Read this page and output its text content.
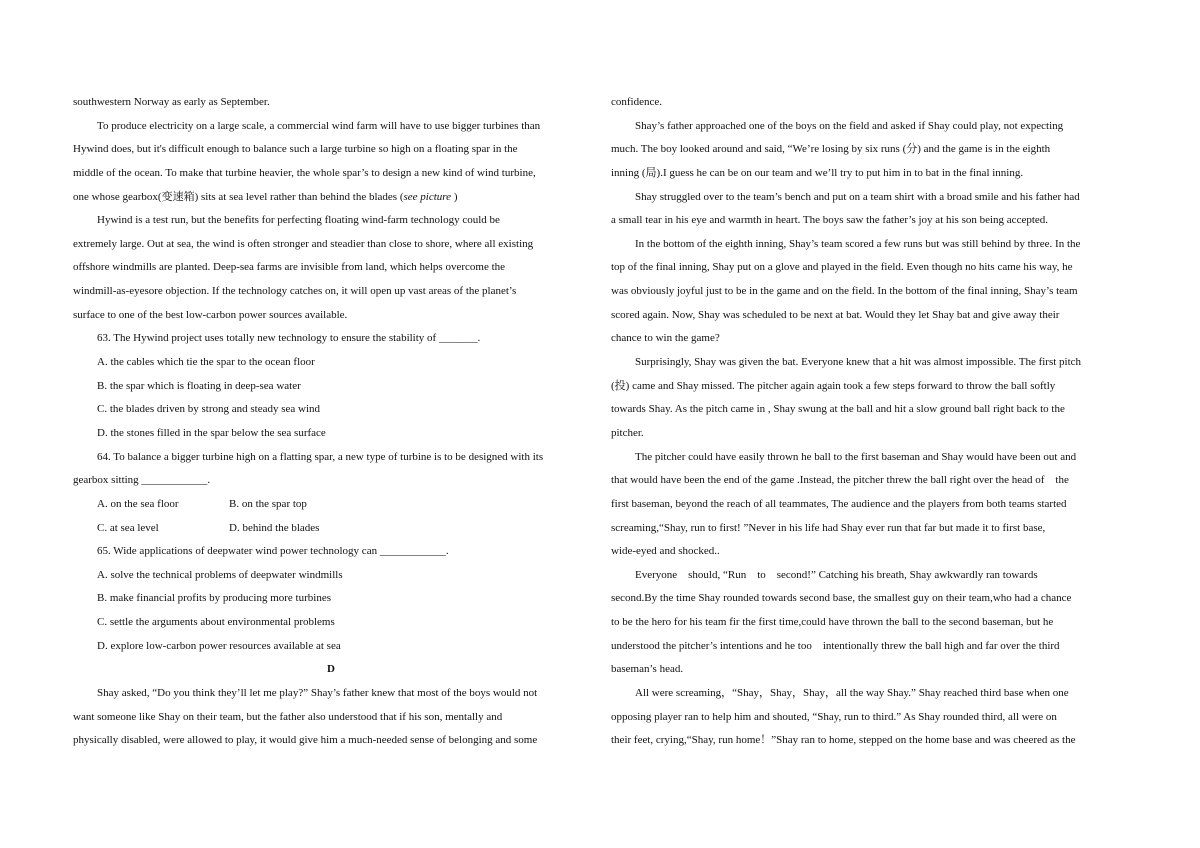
southwestern Norway as early as September.
To produce electricity on a large scale, a commercial wind farm will have to use bigger turbines than
Hywind does, but it's difficult enough to balance such a large turbine so high on a floating spar in the
middle of the ocean. To make that turbine heavier, the whole spar’s to design a new kind of wind turbine,
one whose gearbox(变速箱) sits at sea level rather than behind the blades (see picture )
Hywind is a test run, but the benefits for perfecting floating wind-farm technology could be
extremely large. Out at sea, the wind is often stronger and steadier than close to shore, where all existing
offshore windmills are planted. Deep-sea farms are invisible from land, which helps overcome the
windmill-as-eyesore objection. If the technology catches on, it will open up vast areas of the planet’s
surface to one of the best low-carbon power sources available.
63. The Hywind project uses totally new technology to ensure the stability of _______.
A. the cables which tie the spar to the ocean floor
B. the spar which is floating in deep-sea water
C. the blades driven by strong and steady sea wind
D. the stones filled in the spar below the sea surface
64. To balance a bigger turbine high on a flatting spar, a new type of turbine is to be designed with its
gearbox sitting ____________.
A. on the sea floor	B. on the spar top
C. at sea level	D. behind the blades
65. Wide applications of deepwater wind power technology can ____________.
A. solve the technical problems of deepwater windmills
B. make financial profits by producing more turbines
C. settle the arguments about environmental problems
D. explore low-carbon power resources available at sea
D
Shay asked, “Do you think they’ll let me play?” Shay’s father knew that most of the boys would not
want someone like Shay on their team, but the father also understood that if his son, mentally and
physically disabled, were allowed to play, it would give him a much-needed sense of belonging and some
confidence.
Shay’s father approached one of the boys on the field and asked if Shay could play, not expecting
much. The boy looked around and said, “We’re losing by six runs (分) and the game is in the eighth
inning (局).I guess he can be on our team and we’ll try to put him in to bat in the final inning.
Shay struggled over to the team’s bench and put on a team shirt with a broad smile and his father had
a small tear in his eye and warmth in heart. The boys saw the father’s joy at his son being accepted.
In the bottom of the eighth inning, Shay’s team scored a few runs but was still behind by three. In the
top of the final inning, Shay put on a glove and played in the field. Even though no hits came his way, he
was obviously joyful just to be in the game and on the field. In the bottom of the final inning, Shay’s team
scored again. Now, Shay was scheduled to be next at bat. Would they let Shay bat and give away their
chance to win the game?
Surprisingly, Shay was given the bat. Everyone knew that a hit was almost impossible. The first pitch
(投) came and Shay missed. The pitcher again again took a few steps forward to throw the ball softly
towards Shay. As the pitch came in , Shay swung at the ball and hit a slow ground ball right back to the
pitcher.
The pitcher could have easily thrown he ball to the first baseman and Shay would have been out and
that would have been the end of the game .Instead, the pitcher threw the ball right over the head of    the
first baseman, beyond the reach of all teammates, The audience and the players from both teams started
screaming,“Shay, run to first! ”Never in his life had Shay ever run that far but made it to first base,
wide-eyed and shocked..
Everyone    should, “Run    to    second!” Catching his breath, Shay awkwardly ran towards
second.By the time Shay rounded towards second base, the smallest guy on their team,who had a chance
to be the hero for his team fir the first time,could have thrown the ball to the second baseman, but he
understood the pitcher’s intentions and he too    intentionally threw the ball high and far over the third
baseman’s head.
All were screaming，“Shay，Shay，Shay，all the way Shay.” Shay reached third base when one
opposing player ran to help him and shouted, “Shay, run to third.” As Shay rounded third, all were on
their feet, crying,“Shay, run home！”Shay ran to home, stepped on the home base and was cheered as the
